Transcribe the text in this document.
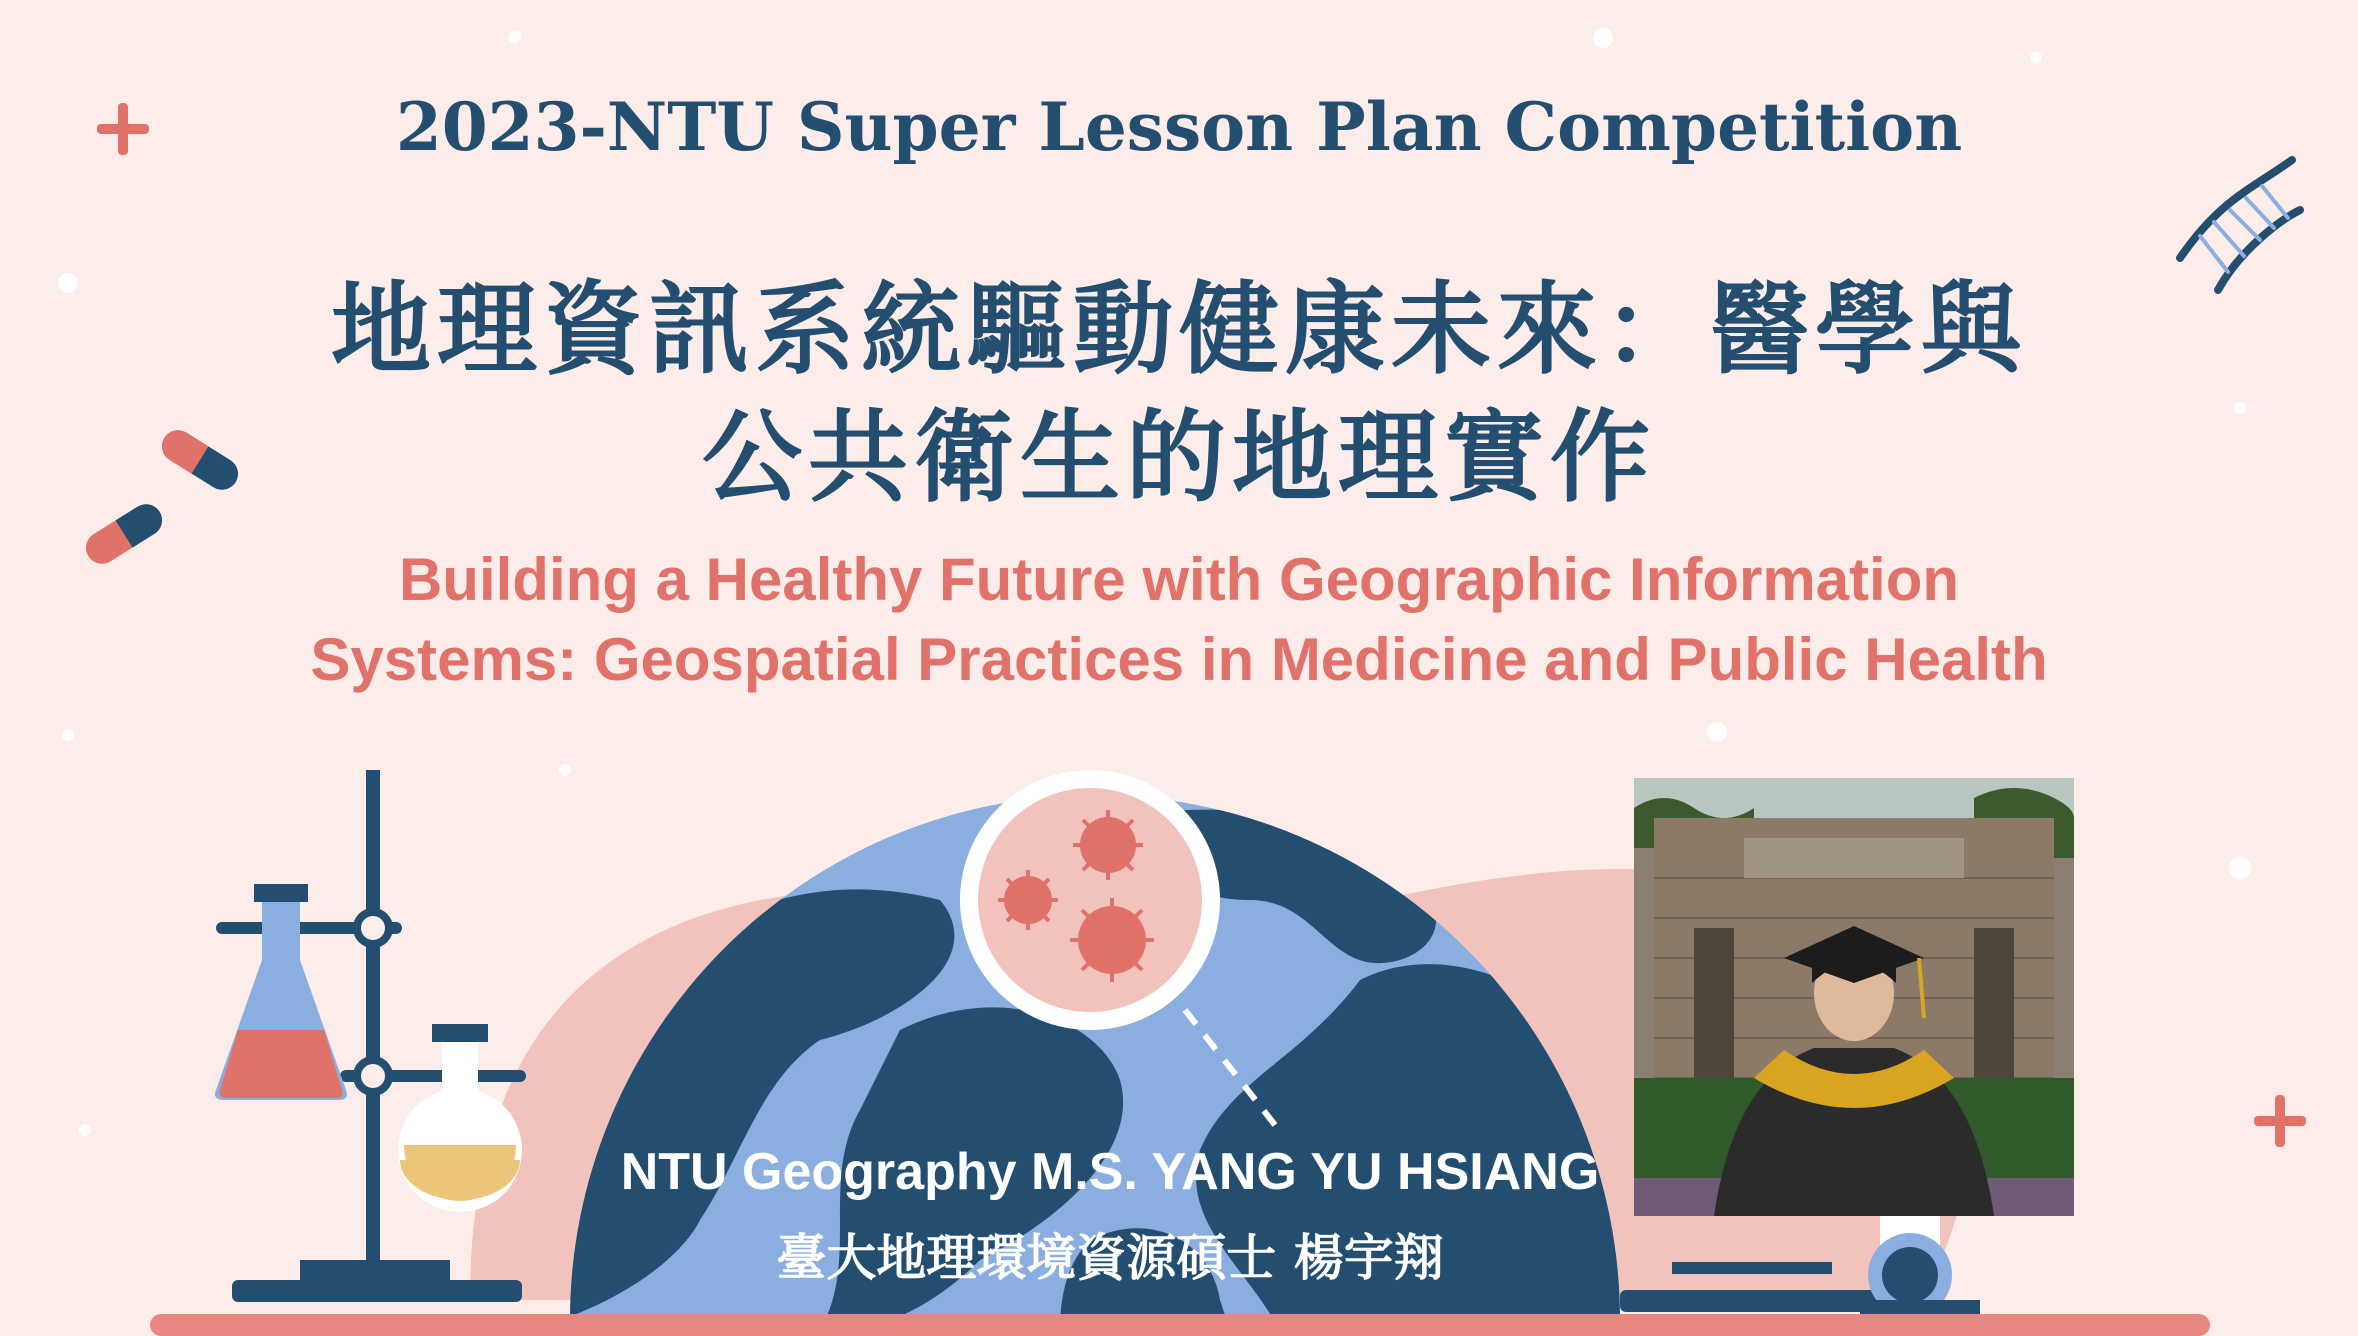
2023-NTU Super Lesson Plan Competition
地理資訊系統驅動健康未來：醫學與
公共衛生的地理實作
Building a Healthy Future with Geographic Information
Systems: Geospatial Practices in Medicine and Public Health
NTU Geography M.S. YANG YU HSIANG
臺大地理環境資源碩士 楊宇翔
